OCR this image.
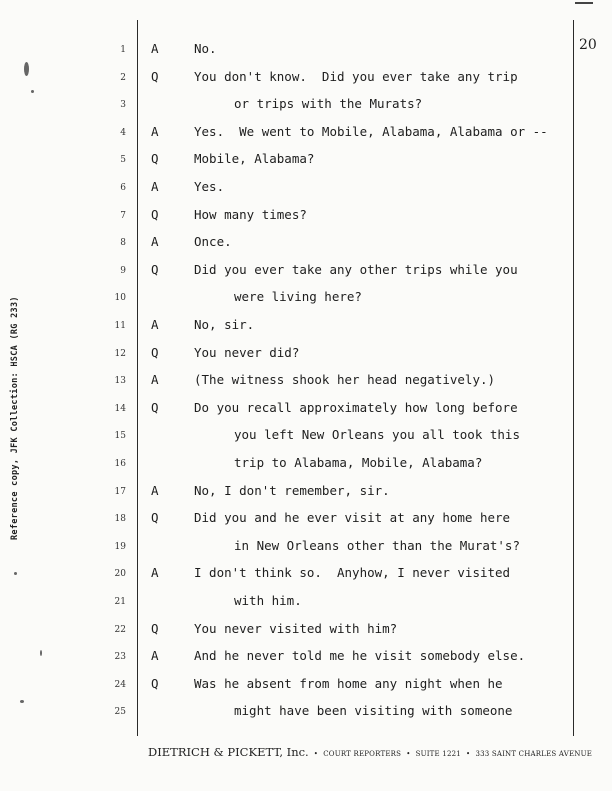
20
1 A	No.
2 Q	You don't know.  Did you ever take any trip
3	or trips with the Murats?
4 A	Yes.  We went to Mobile, Alabama, Alabama or --
5 Q	Mobile, Alabama?
6 A	Yes.
7 Q	How many times?
8 A	Once.
9 Q	Did you ever take any other trips while you
10	were living here?
11 A	No, sir.
12 Q	You never did?
13 A	(The witness shook her head negatively.)
14 Q	Do you recall approximately how long before
15	you left New Orleans you all took this
16	trip to Alabama, Mobile, Alabama?
17 A	No, I don't remember, sir.
18 Q	Did you and he ever visit at any home here
19	in New Orleans other than the Murat's?
20 A	I don't think so.  Anyhow, I never visited
21	with him.
22 Q	You never visited with him?
23 A	And he never told me he visit somebody else.
24 Q	Was he absent from home any night when he
25	might have been visiting with someone
Reference copy, JFK Collection: HSCA (RG 233)
DIETRICH & PICKETT, Inc. • COURT REPORTERS • SUITE 1221 • 333 SAINT CHARLES AVENUE
